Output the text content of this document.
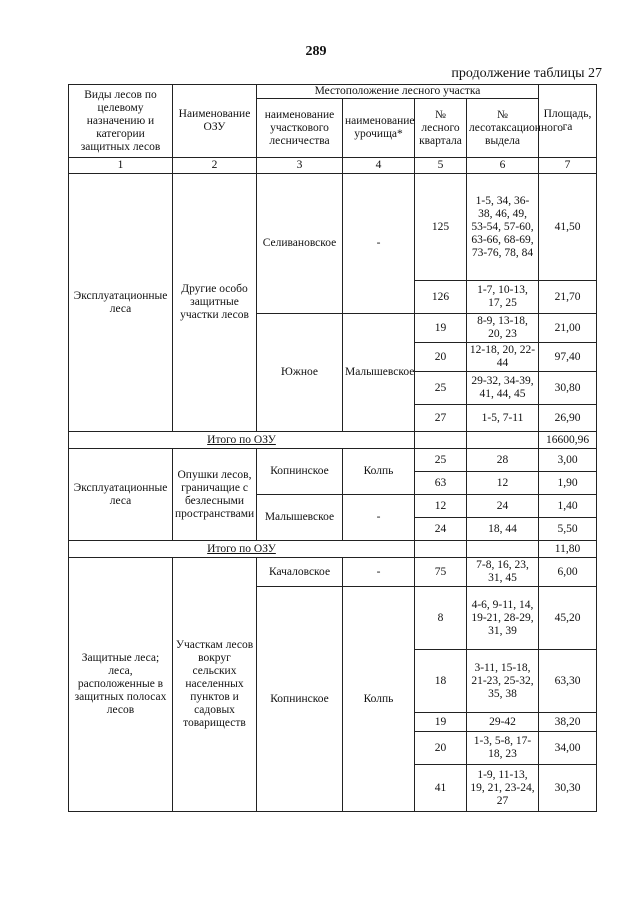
289
продолжение таблицы 27
Виды лесов по целевому назначению и категории защитных лесов	Наименование ОЗУ	Местоположение лесного участка				Площадь, га
		наименование участкового лесничества	наименование урочища*	№ лесного квартала	№ лесотаксационного выдела	
1	2	3	4	5	6	7
Эксплуатационные леса	Другие особо защитные участки лесов	Селивановское	-	125	1-5, 34, 36-38, 46, 49, 53-54, 57-60, 63-66, 68-69, 73-76, 78, 84	41,50
				126	1-7, 10-13, 17, 25	21,70
		Южное	Малышевское	19	8-9, 13-18, 20, 23	21,00
				20	12-18, 20, 22-44	97,40
				25	29-32, 34-39, 41, 44, 45	30,80
				27	1-5, 7-11	26,90
Итого по ОЗУ						16600,96
Эксплуатационные леса	Опушки лесов, граничащие с безлесными пространствами	Копнинское	Колпь	25	28	3,00
				63	12	1,90
		Малышевское	-	12	24	1,40
				24	18, 44	5,50
Итого по ОЗУ						11,80
Защитные леса; леса, расположенные в защитных полосах лесов	Участкам лесов вокруг сельских населенных пунктов и садовых товариществ	Качаловское	-	75	7-8, 16, 23, 31, 45	6,00
		Копнинское	Колпь	8	4-6, 9-11, 14, 19-21, 28-29, 31, 39	45,20
				18	3-11, 15-18, 21-23, 25-32, 35, 38	63,30
				19	29-42	38,20
				20	1-3, 5-8, 17-18, 23	34,00
				41	1-9, 11-13, 19, 21, 23-24, 27	30,30
